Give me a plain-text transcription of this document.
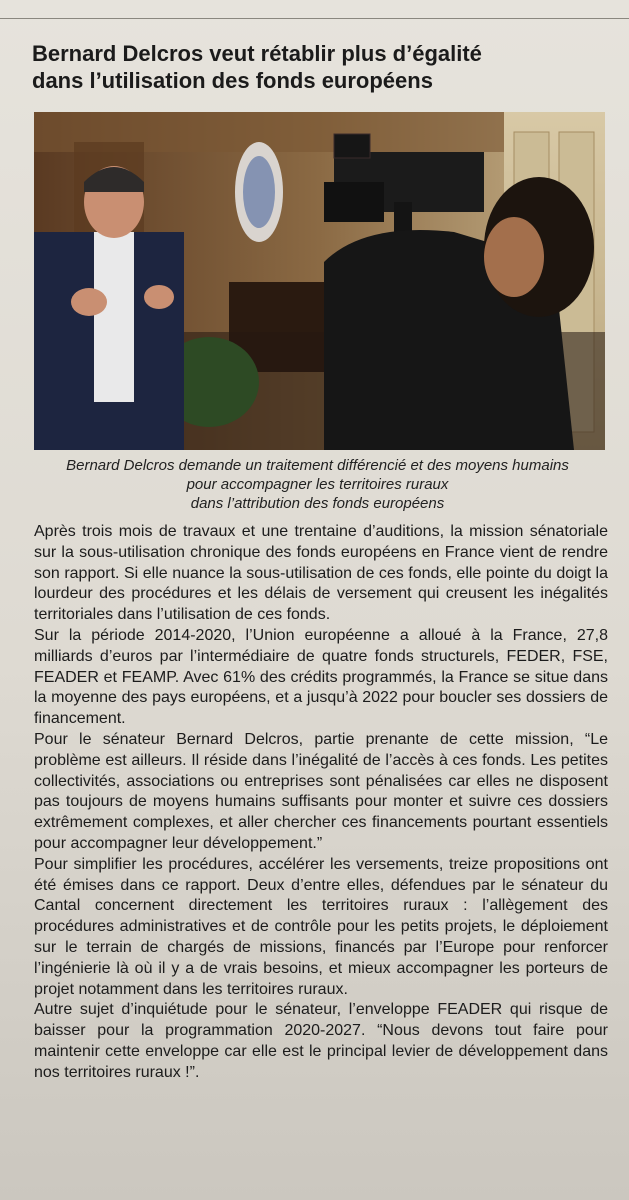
Bernard Delcros veut rétablir plus d’égalité
dans l’utilisation des fonds européens
Bernard Delcros demande un traitement différencié et des moyens humains
pour accompagner les territoires ruraux
dans l’attribution des fonds européens

Après trois mois de travaux et une trentaine d’auditions, la mission sénatoriale sur la sous-utilisation chronique des fonds européens en France vient de rendre son rapport. Si elle nuance la sous-utilisation de ces fonds, elle pointe du doigt la lourdeur des procédures et les délais de versement qui creusent les inégalités territoriales dans l’utilisation de ces fonds.

Sur la période 2014-2020, l’Union européenne a alloué à la France, 27,8 milliards d’euros par l’intermédiaire de quatre fonds structurels, FEDER, FSE, FEADER et FEAMP. Avec 61% des crédits programmés, la France se situe dans la moyenne des pays européens, et a jusqu’à 2022 pour boucler ses dossiers de financement.

Pour le sénateur Bernard Delcros, partie prenante de cette mission, “Le problème est ailleurs. Il réside dans l’inégalité de l’accès à ces fonds. Les petites collectivités, associations ou entreprises sont pénalisées car elles ne disposent pas toujours de moyens humains suffisants pour monter et suivre ces dossiers extrêmement complexes, et aller chercher ces financements pourtant essentiels pour accompagner leur développement.”

Pour simplifier les procédures, accélérer les versements, treize propositions ont été émises dans ce rapport. Deux d’entre elles, défendues par le sénateur du Cantal concernent directement les territoires ruraux : l’allègement des procédures administratives et de contrôle pour les petits projets, le déploiement sur le terrain de chargés de missions, financés par l’Europe pour renforcer l’ingénierie là où il y a de vrais besoins, et mieux accompagner les porteurs de projet notamment dans les territoires ruraux.

Autre sujet d’inquiétude pour le sénateur, l’enveloppe FEADER qui risque de baisser pour la programmation 2020-2027. “Nous devons tout faire pour maintenir cette enveloppe car elle est le principal levier de développement dans nos territoires ruraux !”.
